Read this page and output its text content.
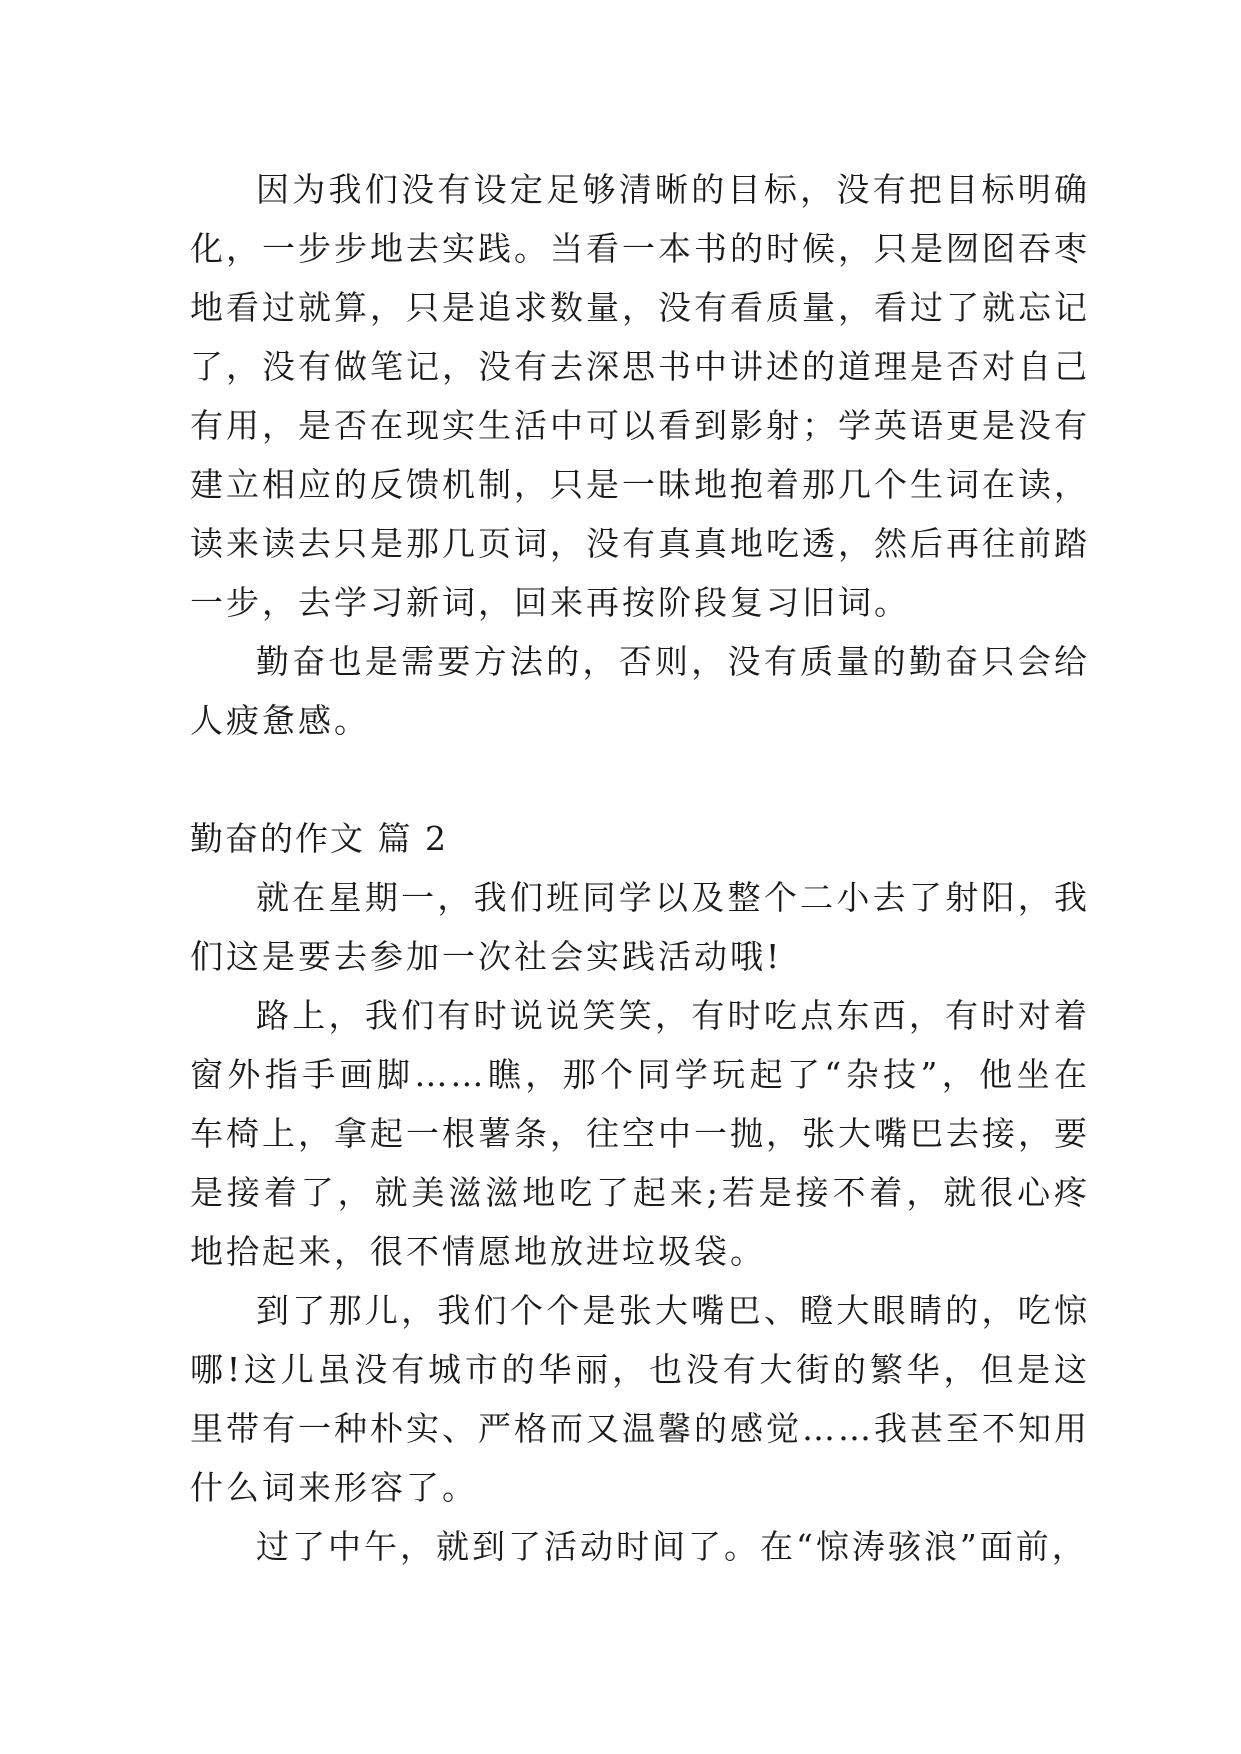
因为我们没有设定足够清晰的目标，没有把目标明确化，一步步地去实践。当看一本书的时候，只是囫囵吞枣地看过就算，只是追求数量，没有看质量，看过了就忘记了，没有做笔记，没有去深思书中讲述的道理是否对自己有用，是否在现实生活中可以看到影射；学英语更是没有建立相应的反馈机制，只是一昧地抱着那几个生词在读，读来读去只是那几页词，没有真真地吃透，然后再往前踏一步，去学习新词，回来再按阶段复习旧词。

勤奋也是需要方法的，否则，没有质量的勤奋只会给人疲惫感。

勤奋的作文 篇 2

就在星期一，我们班同学以及整个二小去了射阳，我们这是要去参加一次社会实践活动哦!

路上，我们有时说说笑笑，有时吃点东西，有时对着窗外指手画脚……瞧，那个同学玩起了“杂技”，他坐在车椅上，拿起一根薯条，往空中一抛，张大嘴巴去接，要是接着了，就美滋滋地吃了起来;若是接不着，就很心疼地拾起来，很不情愿地放进垃圾袋。

到了那儿，我们个个是张大嘴巴、瞪大眼睛的，吃惊哪!这儿虽没有城市的华丽，也没有大街的繁华，但是这里带有一种朴实、严格而又温馨的感觉……我甚至不知用什么词来形容了。

过了中午，就到了活动时间了。在“惊涛骇浪”面前，
